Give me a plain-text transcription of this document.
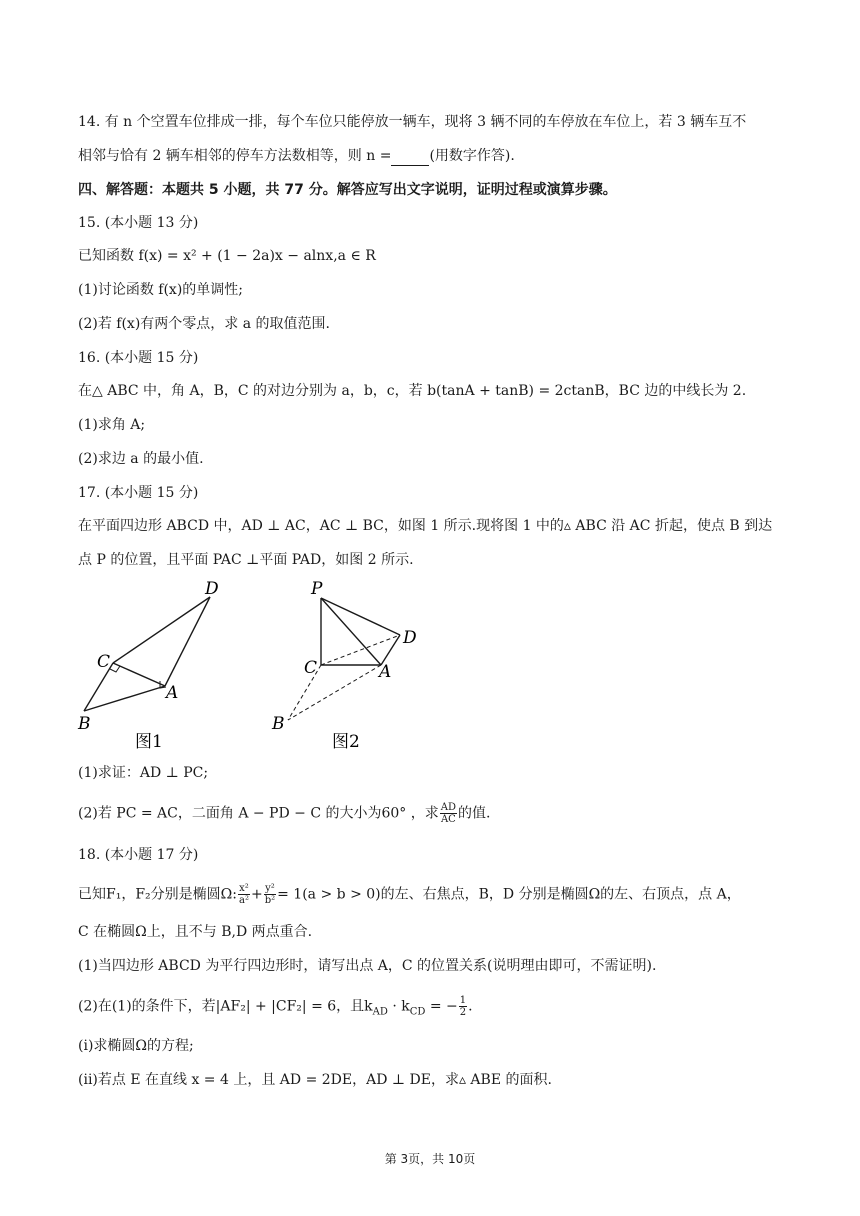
14. 有 n 个空置车位排成一排，每个车位只能停放一辆车，现将 3 辆不同的车停放在车位上，若 3 辆车互不
相邻与恰有 2 辆车相邻的停车方法数相等，则 n =	(用数字作答).
四、解答题：本题共 5 小题，共 77 分。解答应写出文字说明，证明过程或演算步骤。
15. (本小题 13 分)
已知函数 f(x) = x² + (1 − 2a)x − alnx,a ∈ R
(1)讨论函数 f(x)的单调性;
(2)若 f(x)有两个零点，求 a 的取值范围.
16. (本小题 15 分)
在△ ABC 中，角 A，B，C 的对边分别为 a，b，c，若 b(tanA + tanB) = 2ctanB，BC 边的中线长为 2.
(1)求角 A;
(2)求边 a 的最小值.
17. (本小题 15 分)
在平面四边形 ABCD 中，AD ⊥ AC，AC ⊥ BC，如图 1 所示.现将图 1 中的▵ ABC 沿 AC 折起，使点 B 到达
点 P 的位置，且平面 PAC ⊥平面 PAD，如图 2 所示.
D
C
A
B
图1
P
D
C	A
B
图2
(1)求证：AD ⊥ PC;
(2)若 PC = AC，二面角 A − PD − C 的大小为60° ，求 $\frac{AD}{AC}$ 的值.
18. (本小题 17 分)
已知F₁，F₂分别是椭圆Ω: $\frac{\text{x²}}{\text{a²}} + \frac{\text{y²}}{\text{b²}} = 1(a > b > 0)$的左、右焦点，B，D 分别是椭圆Ω的左、右顶点，点 A，
C 在椭圆Ω上，且不与 B,D 两点重合.
(1)当四边形 ABCD 为平行四边形时，请写出点 A，C 的位置关系(说明理由即可，不需证明).
(2)在(1)的条件下，若|AF₂| + |CF₂| = 6，且$k_{AD} \cdot k_{CD}$ = − $\frac{1}{2}$ .
(i)求椭圆Ω的方程;
(ii)若点 E 在直线 x = 4 上，且 AD = 2DE，AD ⊥ DE，求▵ ABE 的面积.
第 3页，共 10页
